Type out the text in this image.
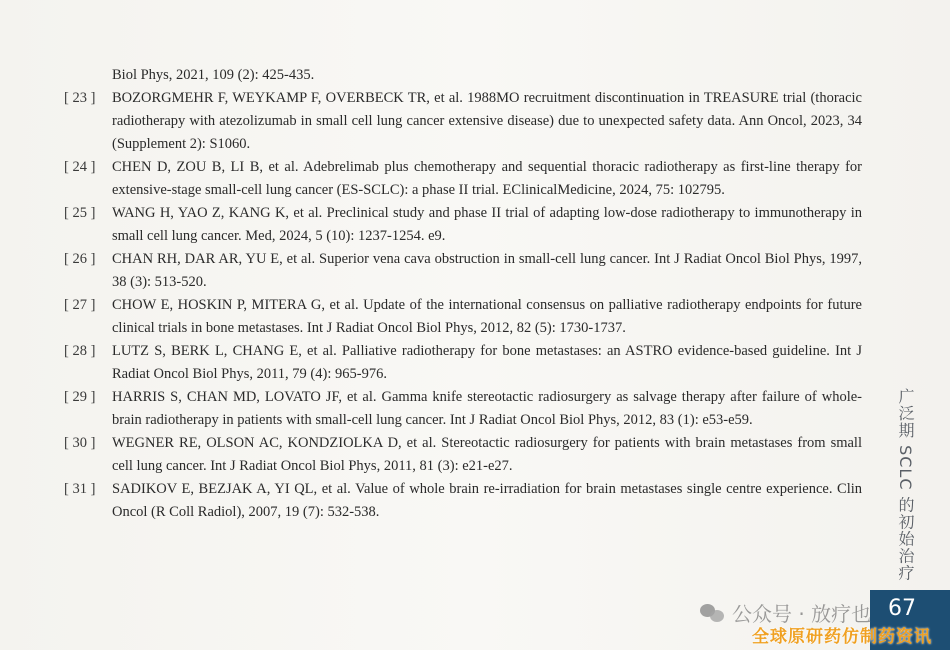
Biol Phys, 2021, 109 (2): 425-435.
[ 23 ]	BOZORGMEHR F, WEYKAMP F, OVERBECK TR, et al. 1988MO recruitment discontinuation in TREASURE trial (thoracic radiotherapy with atezolizumab in small cell lung cancer extensive disease) due to unexpected safety data. Ann Oncol, 2023, 34 (Supplement 2): S1060.
[ 24 ]	CHEN D, ZOU B, LI B, et al. Adebrelimab plus chemotherapy and sequential thoracic radiotherapy as first-line therapy for extensive-stage small-cell lung cancer (ES-SCLC): a phase II trial. EClinicalMedicine, 2024, 75: 102795.
[ 25 ]	WANG H, YAO Z, KANG K, et al. Preclinical study and phase II trial of adapting low-dose radiotherapy to immunotherapy in small cell lung cancer. Med, 2024, 5 (10): 1237-1254. e9.
[ 26 ]	CHAN RH, DAR AR, YU E, et al. Superior vena cava obstruction in small-cell lung cancer. Int J Radiat Oncol Biol Phys, 1997, 38 (3): 513-520.
[ 27 ]	CHOW E, HOSKIN P, MITERA G, et al. Update of the international consensus on palliative radiotherapy endpoints for future clinical trials in bone metastases. Int J Radiat Oncol Biol Phys, 2012, 82 (5): 1730-1737.
[ 28 ]	LUTZ S, BERK L, CHANG E, et al. Palliative radiotherapy for bone metastases: an ASTRO evidence-based guideline. Int J Radiat Oncol Biol Phys, 2011, 79 (4): 965-976.
[ 29 ]	HARRIS S, CHAN MD, LOVATO JF, et al. Gamma knife stereotactic radiosurgery as salvage therapy after failure of whole-brain radiotherapy in patients with small-cell lung cancer. Int J Radiat Oncol Biol Phys, 2012, 83 (1): e53-e59.
[ 30 ]	WEGNER RE, OLSON AC, KONDZIOLKA D, et al. Stereotactic radiosurgery for patients with brain metastases from small cell lung cancer. Int J Radiat Oncol Biol Phys, 2011, 81 (3): e21-e27.
[ 31 ]	SADIKOV E, BEZJAK A, YI QL, et al. Value of whole brain re-irradiation for brain metastases single centre experience. Clin Oncol (R Coll Radiol), 2007, 19 (7): 532-538.	广泛期 SCLC 的初始治疗
67
公众号 · 放疗也
全球原研药仿制药资讯
